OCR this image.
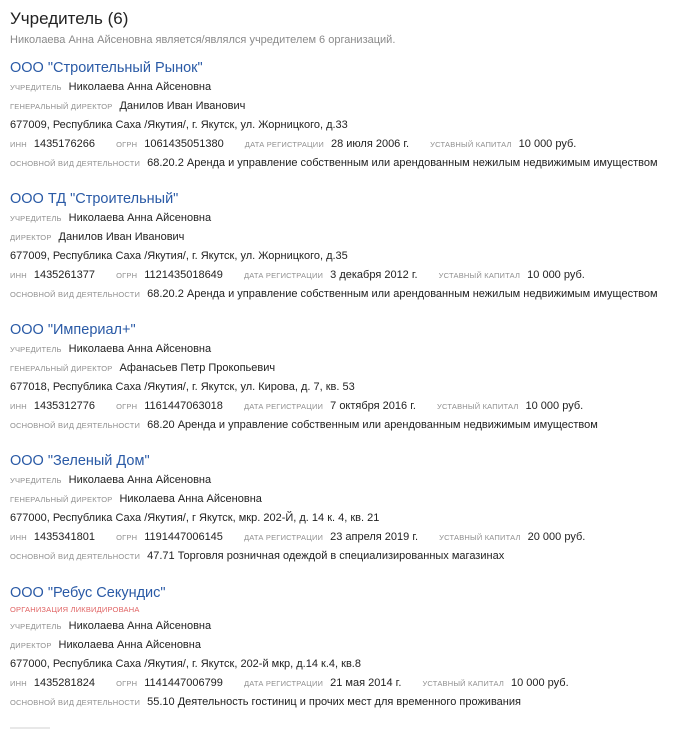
Учредитель (6)
Николаева Анна Айсеновна является/являлся учредителем 6 организаций.
ООО "Строительный Рынок"
УЧРЕДИТЕЛЬ Николаева Анна Айсеновна
ГЕНЕРАЛЬНЫЙ ДИРЕКТОР Данилов Иван Иванович
677009, Республика Саха /Якутия/, г. Якутск, ул. Жорницкого, д.33
ИНН 1435176266	ОГРН 1061435051380	ДАТА РЕГИСТРАЦИИ 28 июля 2006 г.	УСТАВНЫЙ КАПИТАЛ 10 000 руб.
ОСНОВНОЙ ВИД ДЕЯТЕЛЬНОСТИ 68.20.2 Аренда и управление собственным или арендованным нежилым недвижимым имуществом
ООО ТД "Строительный"
УЧРЕДИТЕЛЬ Николаева Анна Айсеновна
ДИРЕКТОР Данилов Иван Иванович
677009, Республика Саха /Якутия/, г. Якутск, ул. Жорницкого, д.35
ИНН 1435261377	ОГРН 1121435018649	ДАТА РЕГИСТРАЦИИ 3 декабря 2012 г.	УСТАВНЫЙ КАПИТАЛ 10 000 руб.
ОСНОВНОЙ ВИД ДЕЯТЕЛЬНОСТИ 68.20.2 Аренда и управление собственным или арендованным нежилым недвижимым имуществом
ООО "Империал+"
УЧРЕДИТЕЛЬ Николаева Анна Айсеновна
ГЕНЕРАЛЬНЫЙ ДИРЕКТОР Афанасьев Петр Прокопьевич
677018, Республика Саха /Якутия/, г. Якутск, ул. Кирова, д. 7, кв. 53
ИНН 1435312776	ОГРН 1161447063018	ДАТА РЕГИСТРАЦИИ 7 октября 2016 г.	УСТАВНЫЙ КАПИТАЛ 10 000 руб.
ОСНОВНОЙ ВИД ДЕЯТЕЛЬНОСТИ 68.20 Аренда и управление собственным или арендованным недвижимым имуществом
ООО "Зеленый Дом"
УЧРЕДИТЕЛЬ Николаева Анна Айсеновна
ГЕНЕРАЛЬНЫЙ ДИРЕКТОР Николаева Анна Айсеновна
677000, Республика Саха /Якутия/, г Якутск, мкр. 202-Й, д. 14 к. 4, кв. 21
ИНН 1435341801	ОГРН 1191447006145	ДАТА РЕГИСТРАЦИИ 23 апреля 2019 г.	УСТАВНЫЙ КАПИТАЛ 20 000 руб.
ОСНОВНОЙ ВИД ДЕЯТЕЛЬНОСТИ 47.71 Торговля розничная одеждой в специализированных магазинах
ООО "Ребус Секундис"
ОРГАНИЗАЦИЯ ЛИКВИДИРОВАНА
УЧРЕДИТЕЛЬ Николаева Анна Айсеновна
ДИРЕКТОР Николаева Анна Айсеновна
677000, Республика Саха /Якутия/, г. Якутск, 202-й мкр, д.14 к.4, кв.8
ИНН 1435281824	ОГРН 1141447006799	ДАТА РЕГИСТРАЦИИ 21 мая 2014 г.	УСТАВНЫЙ КАПИТАЛ 10 000 руб.
ОСНОВНОЙ ВИД ДЕЯТЕЛЬНОСТИ 55.10 Деятельность гостиниц и прочих мест для временного проживания
